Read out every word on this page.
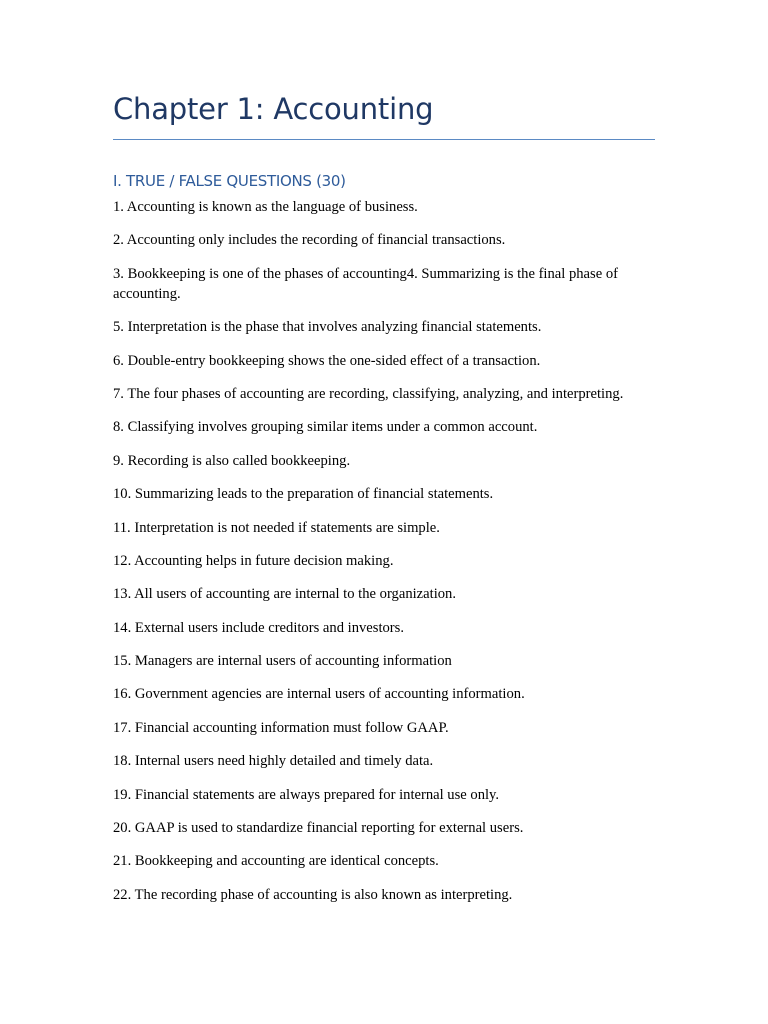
Chapter 1: Accounting
I. TRUE / FALSE QUESTIONS (30)
1. Accounting is known as the language of business.
2. Accounting only includes the recording of financial transactions.
3. Bookkeeping is one of the phases of accounting4. Summarizing is the final phase of accounting.
5. Interpretation is the phase that involves analyzing financial statements.
6. Double-entry bookkeeping shows the one-sided effect of a transaction.
7. The four phases of accounting are recording, classifying, analyzing, and interpreting.
8. Classifying involves grouping similar items under a common account.
9. Recording is also called bookkeeping.
10. Summarizing leads to the preparation of financial statements.
11. Interpretation is not needed if statements are simple.
12. Accounting helps in future decision making.
13. All users of accounting are internal to the organization.
14. External users include creditors and investors.
15. Managers are internal users of accounting information
16. Government agencies are internal users of accounting information.
17. Financial accounting information must follow GAAP.
18. Internal users need highly detailed and timely data.
19. Financial statements are always prepared for internal use only.
20. GAAP is used to standardize financial reporting for external users.
21. Bookkeeping and accounting are identical concepts.
22. The recording phase of accounting is also known as interpreting.
